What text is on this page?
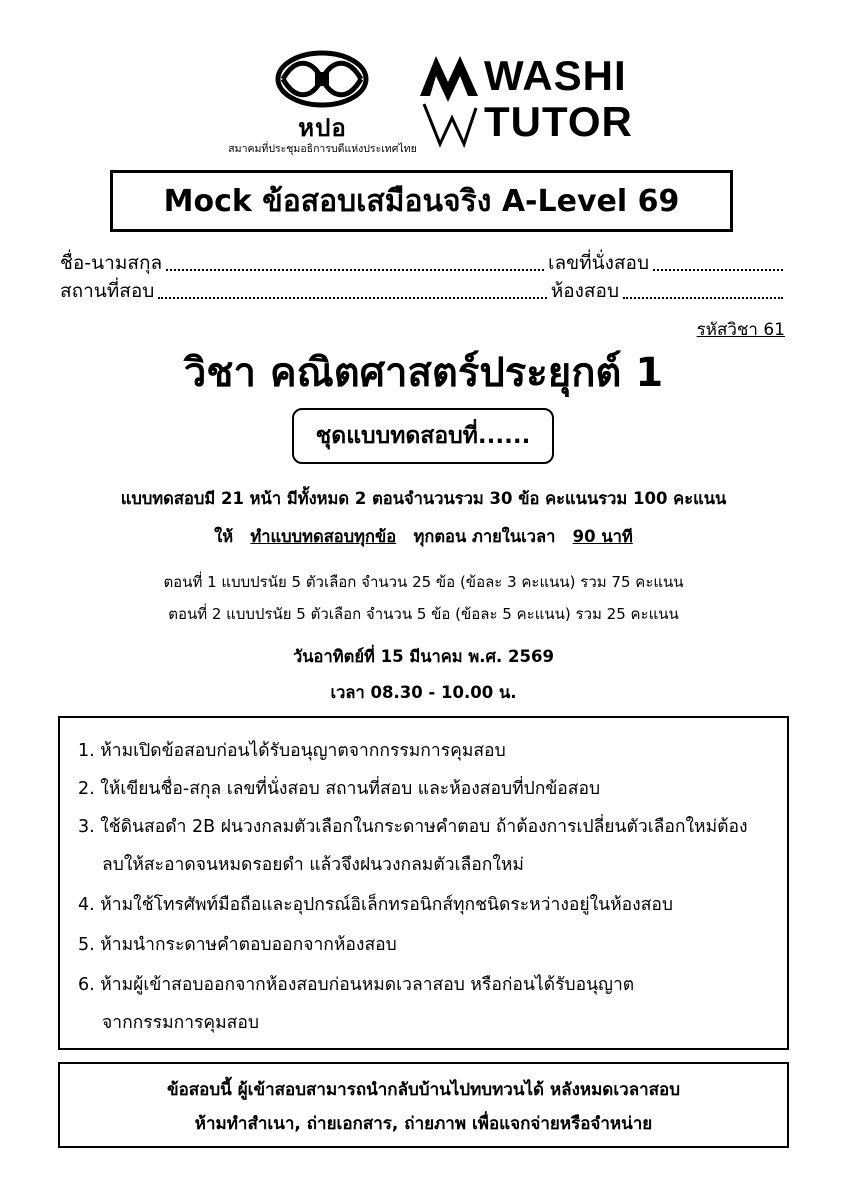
หปอ
สมาคมที่ประชุมอธิการบดีแห่งประเทศไทย
WASHI
TUTOR
Mock ข้อสอบเสมือนจริง A-Level 69
ชื่อ-นามสกุล	เลขที่นั่งสอบ
สถานที่สอบ	ห้องสอบ
รหัสวิชา 61
วิชา คณิตศาสตร์ประยุกต์ 1
ชุดแบบทดสอบที่......
แบบทดสอบมี 21 หน้า มีทั้งหมด 2 ตอนจำนวนรวม 30 ข้อ คะแนนรวม 100 คะแนน
ให้ ทำแบบทดสอบทุกข้อ ทุกตอน ภายในเวลา 90 นาที
ตอนที่ 1 แบบปรนัย 5 ตัวเลือก จำนวน 25 ข้อ (ข้อละ 3 คะแนน) รวม 75 คะแนน
ตอนที่ 2 แบบปรนัย 5 ตัวเลือก จำนวน 5 ข้อ (ข้อละ 5 คะแนน) รวม 25 คะแนน
วันอาทิตย์ที่ 15 มีนาคม พ.ศ. 2569
เวลา 08.30 - 10.00 น.
1. ห้ามเปิดข้อสอบก่อนได้รับอนุญาตจากกรรมการคุมสอบ
2. ให้เขียนชื่อ-สกุล เลขที่นั่งสอบ สถานที่สอบ และห้องสอบที่ปกข้อสอบ
3. ใช้ดินสอดำ 2B ฝนวงกลมตัวเลือกในกระดาษคำตอบ ถ้าต้องการเปลี่ยนตัวเลือกใหม่ต้อง
ลบให้สะอาดจนหมดรอยดำ แล้วจึงฝนวงกลมตัวเลือกใหม่
4. ห้ามใช้โทรศัพท์มือถือและอุปกรณ์อิเล็กทรอนิกส์ทุกชนิดระหว่างอยู่ในห้องสอบ
5. ห้ามนำกระดาษคำตอบออกจากห้องสอบ
6. ห้ามผู้เข้าสอบออกจากห้องสอบก่อนหมดเวลาสอบ หรือก่อนได้รับอนุญาต
จากกรรมการคุมสอบ
ข้อสอบนี้ ผู้เข้าสอบสามารถนำกลับบ้านไปทบทวนได้ หลังหมดเวลาสอบ
ห้ามทำสำเนา, ถ่ายเอกสาร, ถ่ายภาพ เพื่อแจกจ่ายหรือจำหน่าย
